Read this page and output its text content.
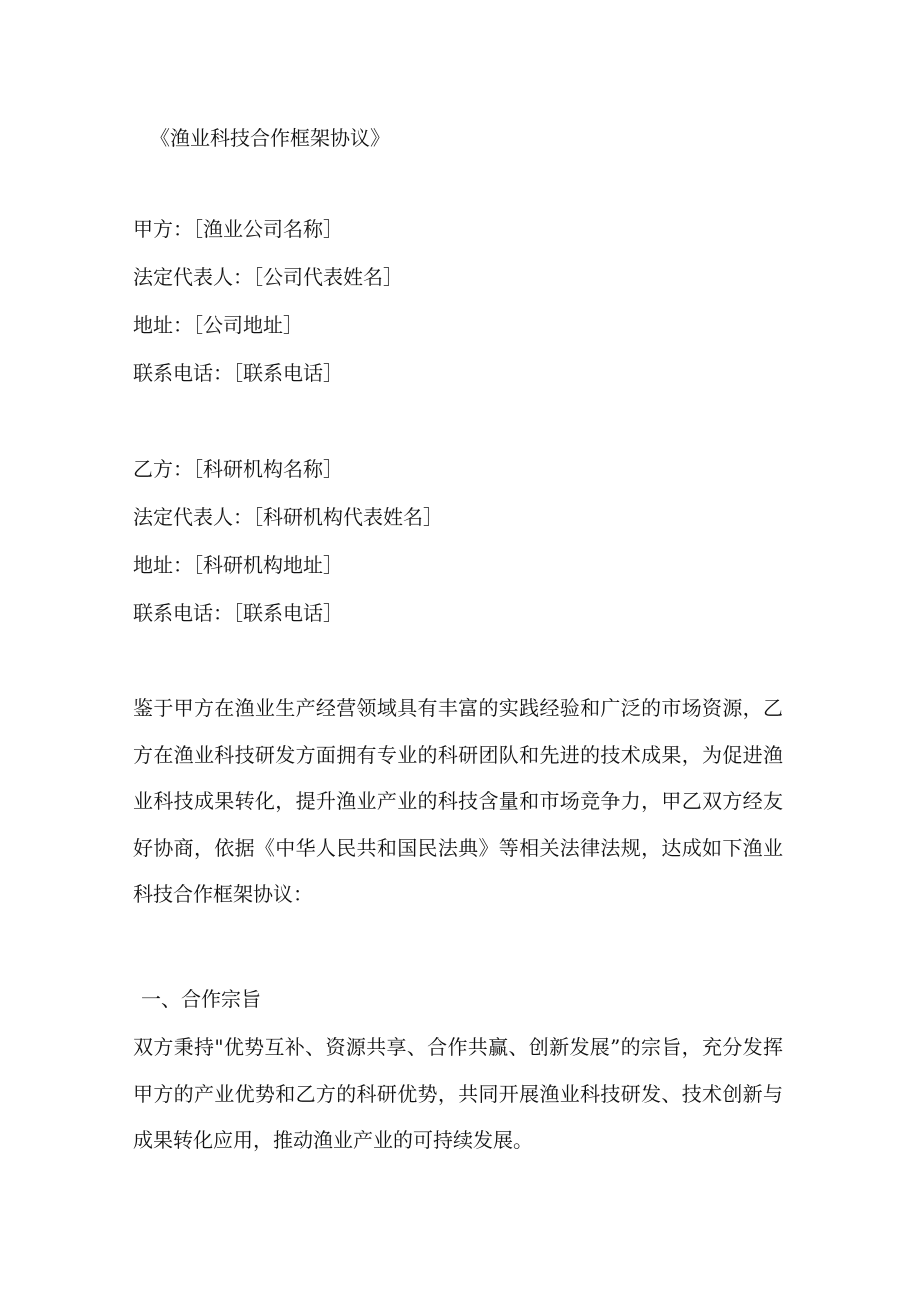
《渔业科技合作框架协议》
甲方：［渔业公司名称］
法定代表人：［公司代表姓名］
地址：［公司地址］
联系电话：［联系电话］
乙方：［科研机构名称］
法定代表人：［科研机构代表姓名］
地址：［科研机构地址］
联系电话：［联系电话］
鉴于甲方在渔业生产经营领域具有丰富的实践经验和广泛的市场资源，乙方在渔业科技研发方面拥有专业的科研团队和先进的技术成果，为促进渔业科技成果转化，提升渔业产业的科技含量和市场竞争力，甲乙双方经友好协商，依据《中华人民共和国民法典》等相关法律法规，达成如下渔业科技合作框架协议：
一、合作宗旨
双方秉持"优势互补、资源共享、合作共赢、创新发展”的宗旨，充分发挥甲方的产业优势和乙方的科研优势，共同开展渔业科技研发、技术创新与成果转化应用，推动渔业产业的可持续发展。
